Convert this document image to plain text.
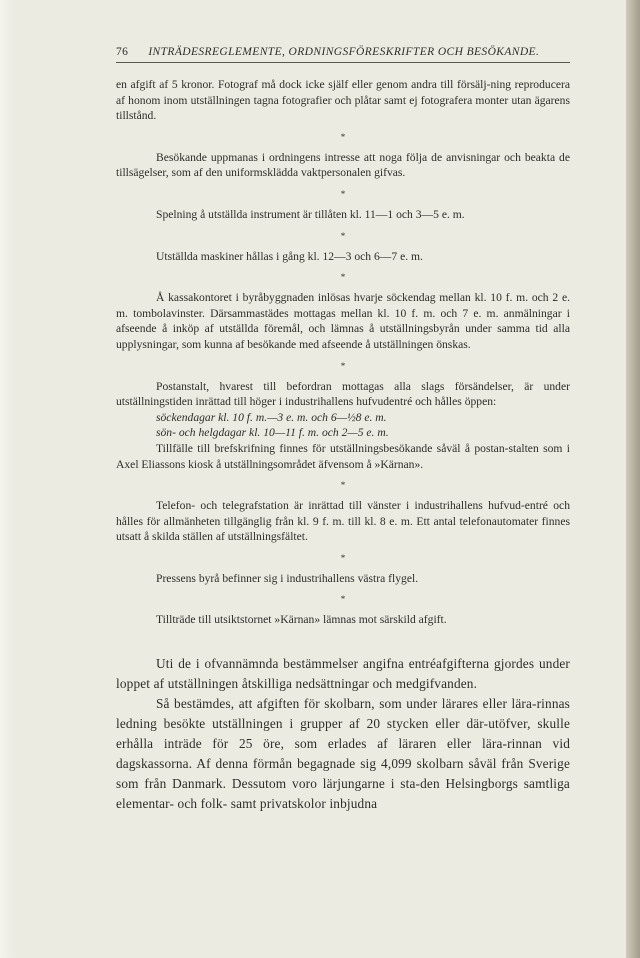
76 INTRÄDESREGLEMENTE, ORDNINGSFÖRESKRIFTER OCH BESÖKANDE.

en afgift af 5 kronor. Fotograf må dock icke själf eller genom andra till försälj-ning reproducera af honom inom utställningen tagna fotografier och plåtar samt ej fotografera monter utan ägarens tillstånd.

*

Besökande uppmanas i ordningens intresse att noga följa de anvisningar och beakta de tillsägelser, som af den uniformsklädda vaktpersonalen gifvas.

*

Spelning å utställda instrument är tillåten kl. 11—1 och 3—5 e. m.

*

Utställda maskiner hållas i gång kl. 12—3 och 6—7 e. m.

*

Å kassakontoret i byråbyggnaden inlösas hvarje söckendag mellan kl. 10 f. m. och 2 e. m. tombolavinster. Därsammastädes mottagas mellan kl. 10 f. m. och 7 e. m. anmälningar i afseende å inköp af utställda föremål, och lämnas å utställningsbyrån under samma tid alla upplysningar, som kunna af besökande med afseende å utställningen önskas.

*

Postanstalt, hvarest till befordran mottagas alla slags försändelser, är under utställningstiden inrättad till höger i industrihallens hufvudentré och hålles öppen:

söckendagar kl. 10 f. m.—3 e. m. och 6—½8 e. m.

sön- och helgdagar kl. 10—11 f. m. och 2—5 e. m.

Tillfälle till brefskrifning finnes för utställningsbesökande såväl å postan-stalten som i Axel Eliassons kiosk å utställningsområdet äfvensom å »Kärnan».

*

Telefon- och telegrafstation är inrättad till vänster i industrihallens hufvud-entré och hålles för allmänheten tillgänglig från kl. 9 f. m. till kl. 8 e. m. Ett antal telefonautomater finnes utsatt å skilda ställen af utställningsfältet.

*

Pressens byrå befinner sig i industrihallens västra flygel.

*

Tillträde till utsiktstornet »Kärnan» lämnas mot särskild afgift.

Uti de i ofvannämnda bestämmelser angifna entréafgifterna gjordes under loppet af utställningen åtskilliga nedsättningar och medgifvanden.

Så bestämdes, att afgiften för skolbarn, som under lärares eller lära-rinnas ledning besökte utställningen i grupper af 20 stycken eller där-utöfver, skulle erhålla inträde för 25 öre, som erlades af läraren eller lära-rinnan vid dagskassorna. Af denna förmån begagnade sig 4,099 skolbarn såväl från Sverige som från Danmark. Dessutom voro lärjungarne i sta-den Helsingborgs samtliga elementar- och folk- samt privatskolor inbjudna
